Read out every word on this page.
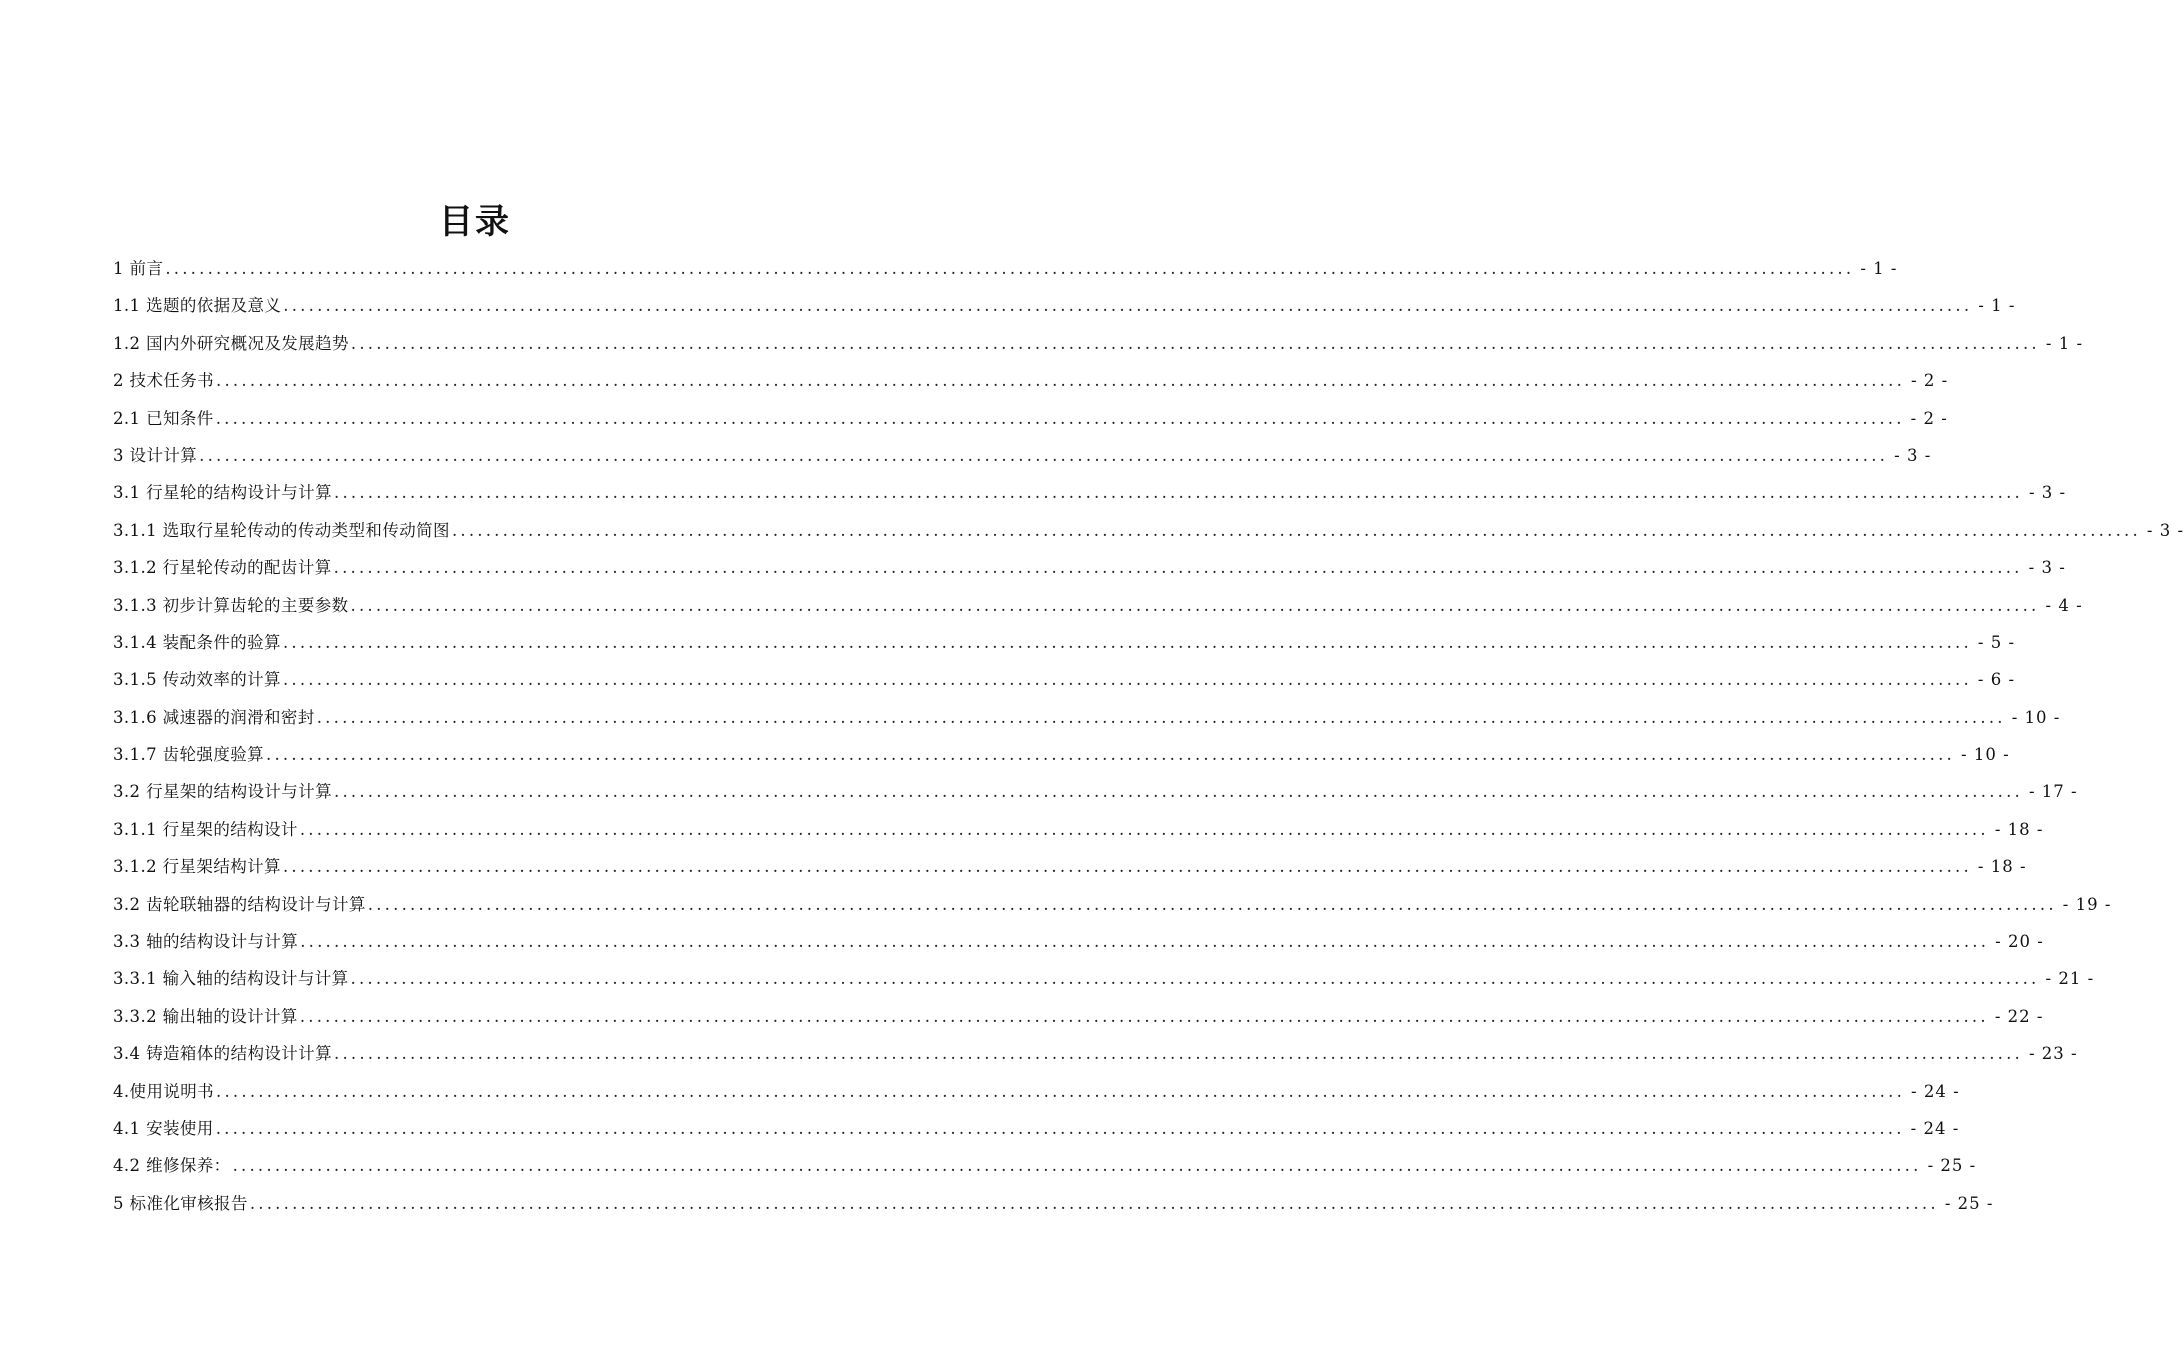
目录
1 前言 ........................................................................................................................................................................................................ - 1 -
1.1 选题的依据及意义 ........................................................................................................................................................................................................ - 1 -
1.2 国内外研究概况及发展趋势 ........................................................................................................................................................................................................ - 1 -
2 技术任务书 ........................................................................................................................................................................................................ - 2 -
2.1 已知条件 ........................................................................................................................................................................................................ - 2 -
3 设计计算 ........................................................................................................................................................................................................ - 3 -
3.1 行星轮的结构设计与计算 ........................................................................................................................................................................................................ - 3 -
3.1.1 选取行星轮传动的传动类型和传动简图 ........................................................................................................................................................................................................ - 3 -
3.1.2 行星轮传动的配齿计算 ........................................................................................................................................................................................................ - 3 -
3.1.3 初步计算齿轮的主要参数 ........................................................................................................................................................................................................ - 4 -
3.1.4 装配条件的验算 ........................................................................................................................................................................................................ - 5 -
3.1.5 传动效率的计算 ........................................................................................................................................................................................................ - 6 -
3.1.6 减速器的润滑和密封 ........................................................................................................................................................................................................ - 10 -
3.1.7 齿轮强度验算 ........................................................................................................................................................................................................ - 10 -
3.2 行星架的结构设计与计算 ........................................................................................................................................................................................................ - 17 -
3.1.1 行星架的结构设计 ........................................................................................................................................................................................................ - 18 -
3.1.2 行星架结构计算 ........................................................................................................................................................................................................ - 18 -
3.2 齿轮联轴器的结构设计与计算 ........................................................................................................................................................................................................ - 19 -
3.3 轴的结构设计与计算 ........................................................................................................................................................................................................ - 20 -
3.3.1 输入轴的结构设计与计算 ........................................................................................................................................................................................................ - 21 -
3.3.2 输出轴的设计计算 ........................................................................................................................................................................................................ - 22 -
3.4 铸造箱体的结构设计计算 ........................................................................................................................................................................................................ - 23 -
4.使用说明书 ........................................................................................................................................................................................................ - 24 -
4.1 安装使用 ........................................................................................................................................................................................................ - 24 -
4.2 维修保养： ........................................................................................................................................................................................................ - 25 -
5 标准化审核报告 ........................................................................................................................................................................................................ - 25 -
